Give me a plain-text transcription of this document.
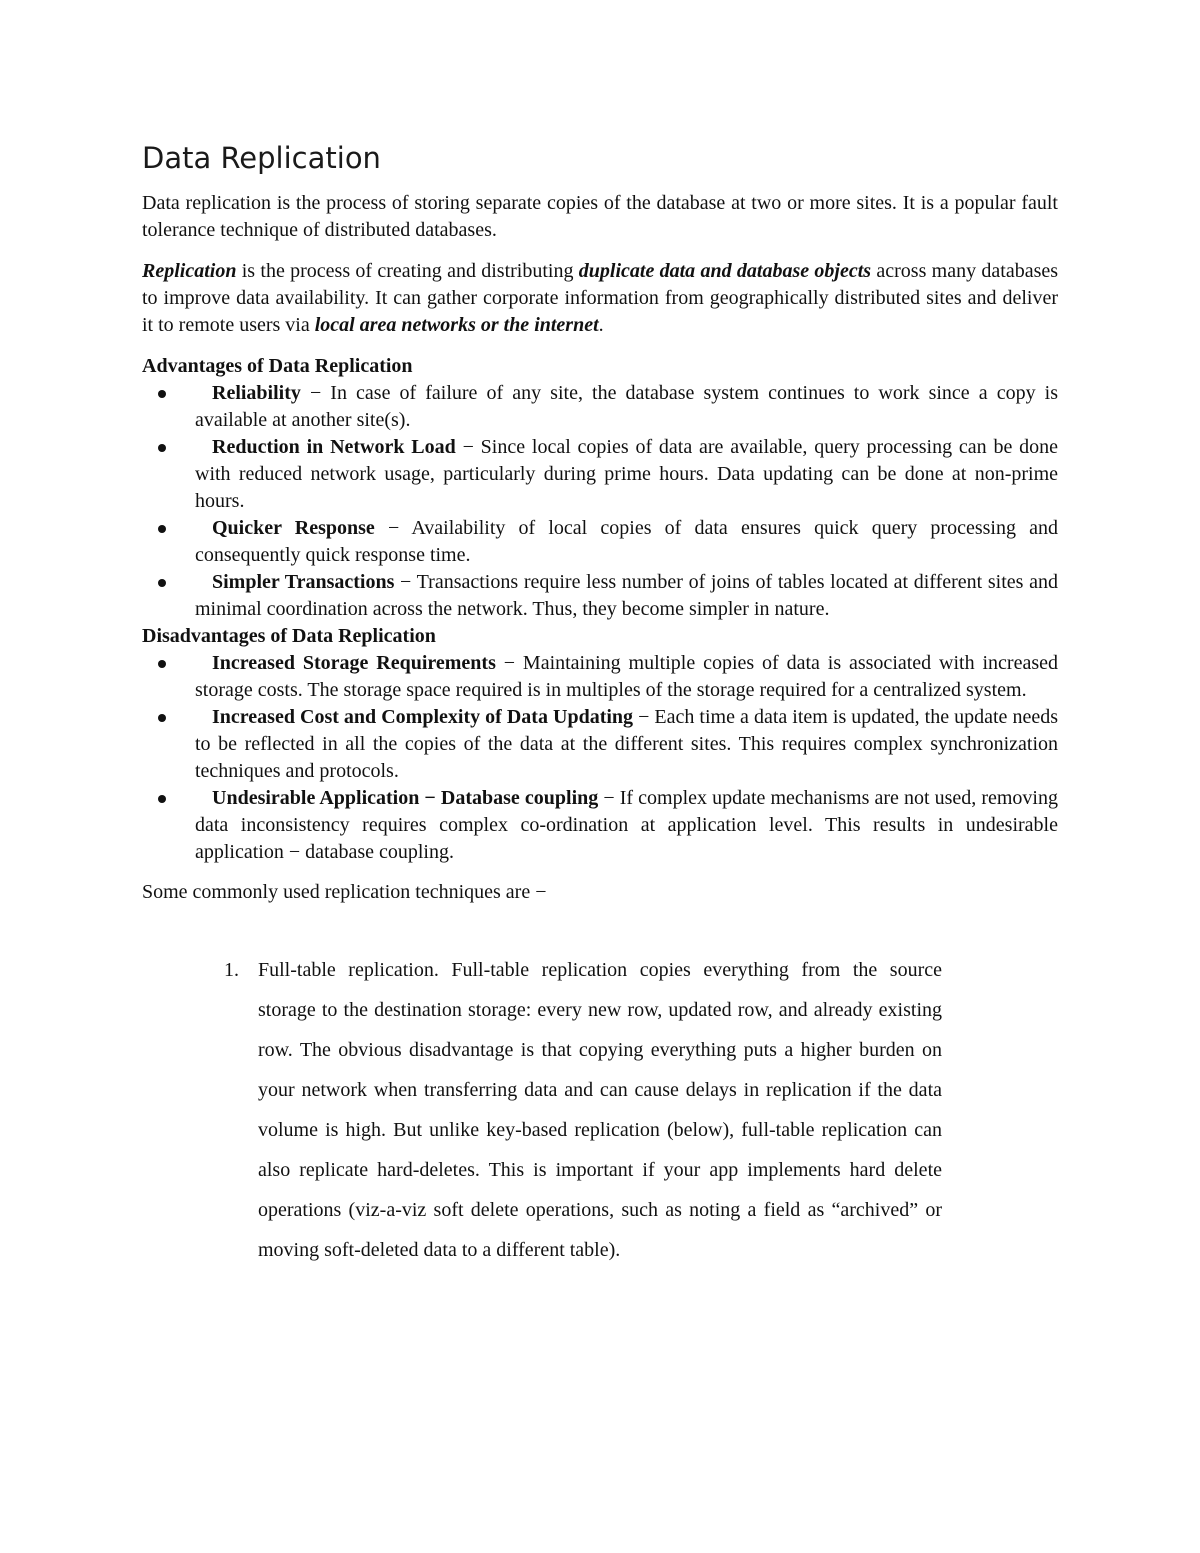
Data Replication

Data replication is the process of storing separate copies of the database at two or more sites. It is a popular fault tolerance technique of distributed databases.

Replication is the process of creating and distributing duplicate data and database objects across many databases to improve data availability. It can gather corporate information from geographically distributed sites and deliver it to remote users via local area networks or the internet.

Advantages of Data Replication
Reliability − In case of failure of any site, the database system continues to work since a copy is available at another site(s).
Reduction in Network Load − Since local copies of data are available, query processing can be done with reduced network usage, particularly during prime hours. Data updating can be done at non-prime hours.
Quicker Response − Availability of local copies of data ensures quick query processing and consequently quick response time.
Simpler Transactions − Transactions require less number of joins of tables located at different sites and minimal coordination across the network. Thus, they become simpler in nature.
Disadvantages of Data Replication
Increased Storage Requirements − Maintaining multiple copies of data is associated with increased storage costs. The storage space required is in multiples of the storage required for a centralized system.
Increased Cost and Complexity of Data Updating − Each time a data item is updated, the update needs to be reflected in all the copies of the data at the different sites. This requires complex synchronization techniques and protocols.
Undesirable Application − Database coupling − If complex update mechanisms are not used, removing data inconsistency requires complex co-ordination at application level. This results in undesirable application − database coupling.

Some commonly used replication techniques are −

1. Full-table replication. Full-table replication copies everything from the source storage to the destination storage: every new row, updated row, and already existing row. The obvious disadvantage is that copying everything puts a higher burden on your network when transferring data and can cause delays in replication if the data volume is high. But unlike key-based replication (below), full-table replication can also replicate hard-deletes. This is important if your app implements hard delete operations (viz-a-viz soft delete operations, such as noting a field as “archived” or moving soft-deleted data to a different table).
